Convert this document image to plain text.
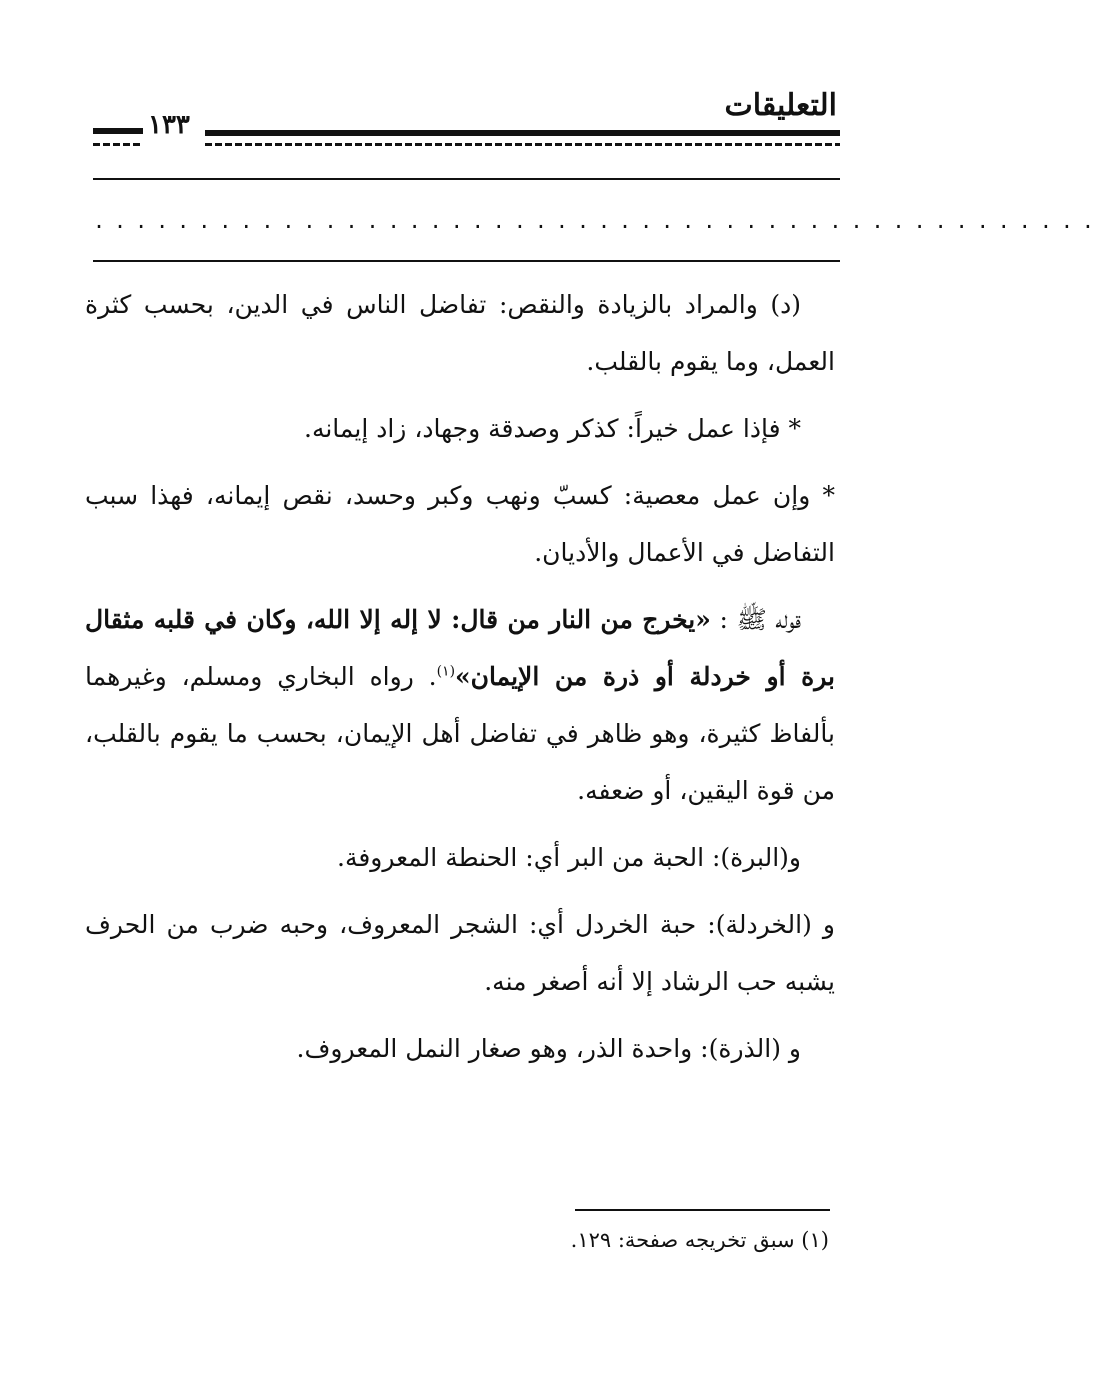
التعليقات
١٣٣
................................................

(د) والمراد بالزيادة والنقص: تفاضل الناس في الدين، بحسب كثرة العمل، وما يقوم بالقلب.

* فإذا عمل خيراً: كذكر وصدقة وجهاد، زاد إيمانه.

* وإن عمل معصية: كسبّ ونهب وكبر وحسد، نقص إيمانه، فهذا سبب التفاضل في الأعمال والأديان.

قوله ﷺ : «يخرج من النار من قال: لا إله إلا الله، وكان في قلبه مثقال برة أو خردلة أو ذرة من الإيمان»$^{(١)}$. رواه البخاري ومسلم، وغيرهما بألفاظ كثيرة، وهو ظاهر في تفاضل أهل الإيمان، بحسب ما يقوم بالقلب، من قوة اليقين، أو ضعفه.

و(البرة): الحبة من البر أي: الحنطة المعروفة.

و (الخردلة): حبة الخردل أي: الشجر المعروف، وحبه ضرب من الحرف يشبه حب الرشاد إلا أنه أصغر منه.

و (الذرة): واحدة الذر، وهو صغار النمل المعروف.

(١) سبق تخريجه صفحة: ١٢٩.
